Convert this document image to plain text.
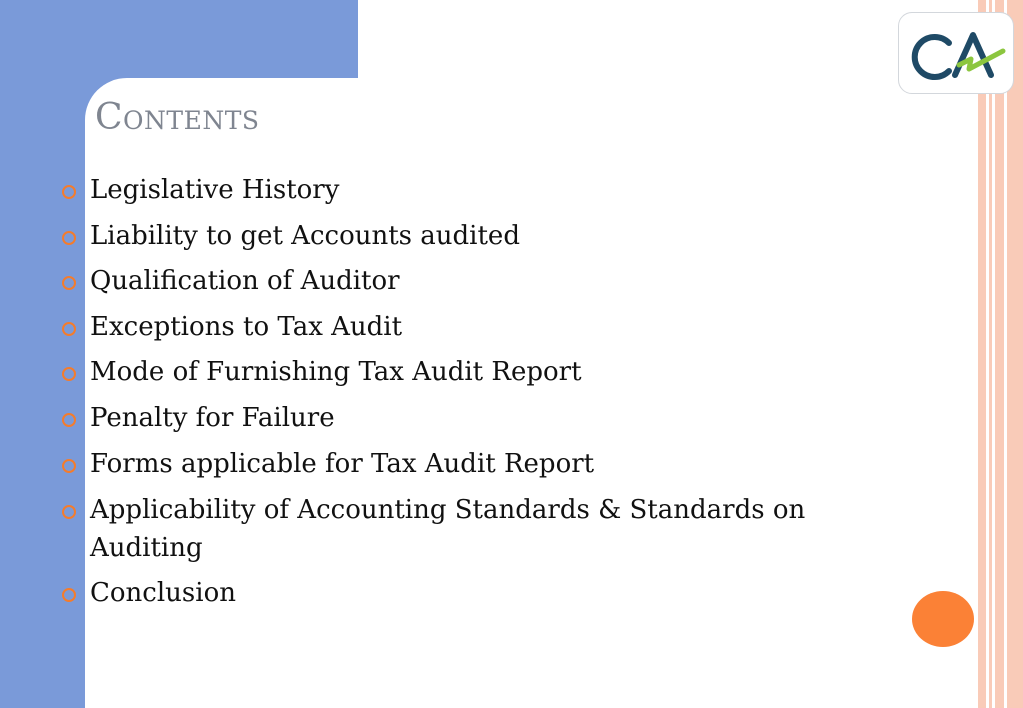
Contents
Legislative History
Liability to get Accounts audited
Qualification of Auditor
Exceptions to Tax Audit
Mode of Furnishing Tax Audit Report
Penalty for Failure
Forms applicable for Tax Audit Report
Applicability of Accounting Standards & Standards on Auditing
Conclusion
